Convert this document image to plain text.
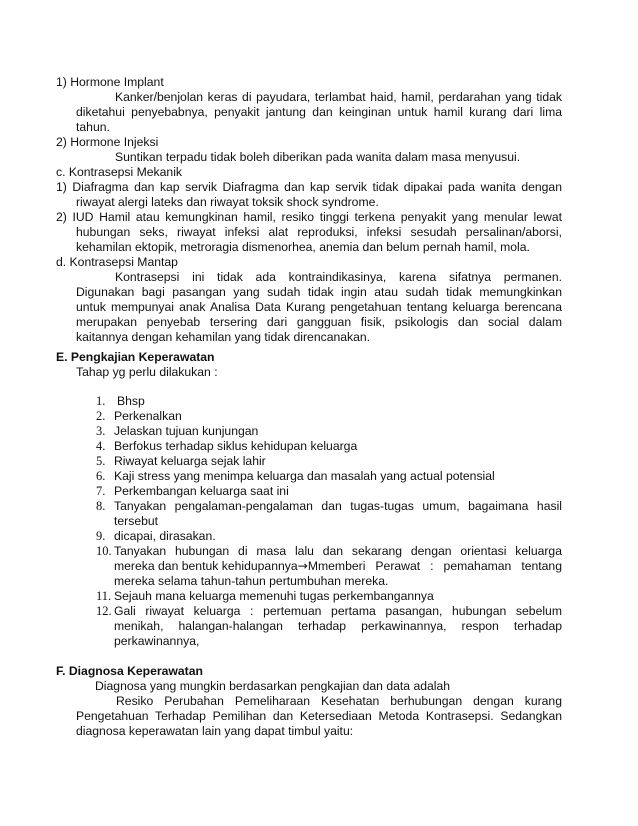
1) Hormone Implant
Kanker/benjolan keras di payudara, terlambat haid, hamil, perdarahan yang tidak
diketahui penyebabnya, penyakit jantung dan keinginan untuk hamil kurang dari lima
tahun.
2) Hormone Injeksi
Suntikan terpadu tidak boleh diberikan pada wanita dalam masa menyusui.
c. Kontrasepsi Mekanik
1) Diafragma dan kap servik Diafragma dan kap servik tidak dipakai pada wanita dengan
riwayat alergi lateks dan riwayat toksik shock syndrome.
2) IUD Hamil atau kemungkinan hamil, resiko tinggi terkena penyakit yang menular lewat
hubungan seks, riwayat infeksi alat reproduksi, infeksi sesudah persalinan/aborsi,
kehamilan ektopik, metroragia dismenorhea, anemia dan belum pernah hamil, mola.
d. Kontrasepsi Mantap
Kontrasepsi ini tidak ada kontraindikasinya, karena sifatnya permanen.
Digunakan bagi pasangan yang sudah tidak ingin atau sudah tidak memungkinkan
untuk mempunyai anak Analisa Data Kurang pengetahuan tentang keluarga berencana
merupakan penyebab tersering dari gangguan fisik, psikologis dan social dalam
kaitannya dengan kehamilan yang tidak direncanakan.
E. Pengkajian Keperawatan
Tahap yg perlu dilakukan :
1. Bhsp
2. Perkenalkan
3. Jelaskan tujuan kunjungan
4. Berfokus terhadap siklus kehidupan keluarga
5. Riwayat keluarga sejak lahir
6. Kaji stress yang menimpa keluarga dan masalah yang actual potensial
7. Perkembangan keluarga saat ini
8. Tanyakan pengalaman-pengalaman dan tugas-tugas umum, bagaimana hasil
tersebut
9. dicapai, dirasakan.
10. Tanyakan hubungan di masa lalu dan sekarang dengan orientasi keluarga
mereka dan bentuk kehidupannya →Mmemberi Perawat : pemahaman tentang
mereka selama tahun-tahun pertumbuhan mereka.
11. Sejauh mana keluarga memenuhi tugas perkembangannya
12. Gali riwayat keluarga : pertemuan pertama pasangan, hubungan sebelum
menikah, halangan-halangan terhadap perkawinannya, respon terhadap
perkawinannya,
F. Diagnosa Keperawatan
Diagnosa yang mungkin berdasarkan pengkajian dan data adalah
Resiko Perubahan Pemeliharaan Kesehatan berhubungan dengan kurang
Pengetahuan Terhadap Pemilihan dan Ketersediaan Metoda Kontrasepsi. Sedangkan
diagnosa keperawatan lain yang dapat timbul yaitu:
